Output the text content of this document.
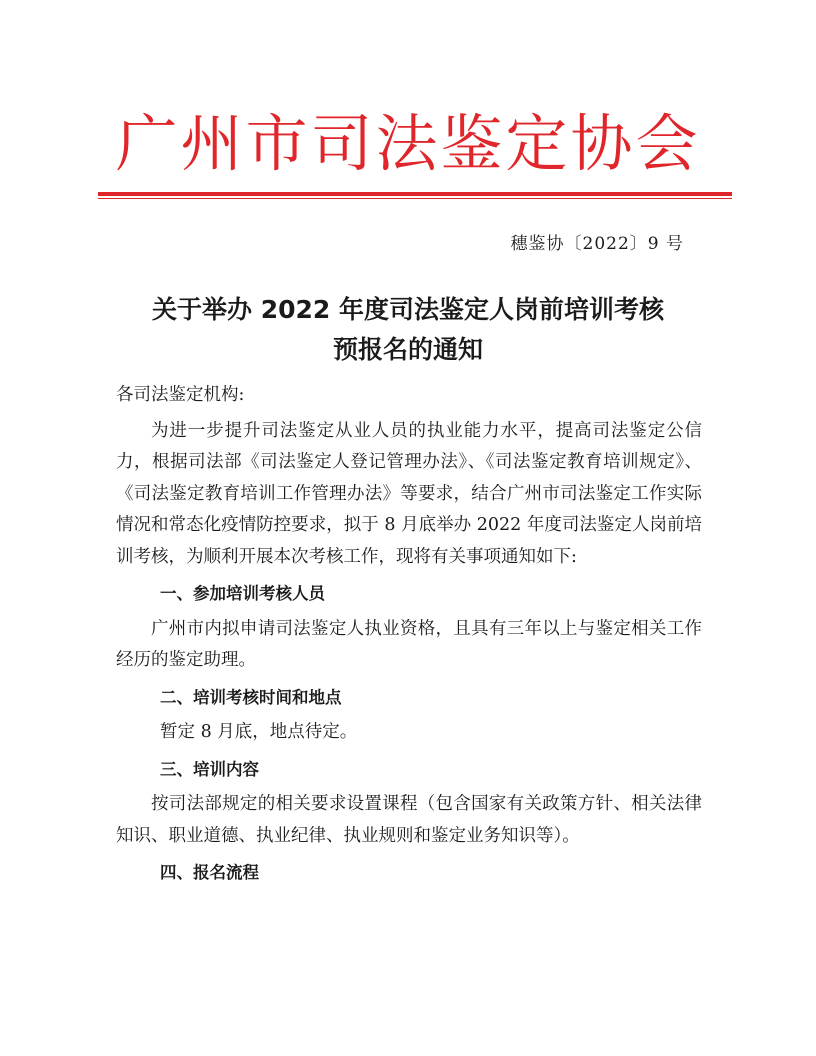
广州市司法鉴定协会
穗鉴协〔2022〕9 号
关于举办 2022 年度司法鉴定人岗前培训考核
预报名的通知

各司法鉴定机构:

为进一步提升司法鉴定从业人员的执业能力水平，提高司法鉴定公信力，根据司法部《司法鉴定人登记管理办法》、《司法鉴定教育培训规定》、《司法鉴定教育培训工作管理办法》等要求，结合广州市司法鉴定工作实际情况和常态化疫情防控要求，拟于 8 月底举办 2022 年度司法鉴定人岗前培训考核，为顺利开展本次考核工作，现将有关事项通知如下:

一、参加培训考核人员

广州市内拟申请司法鉴定人执业资格，且具有三年以上与鉴定相关工作经历的鉴定助理。

二、培训考核时间和地点

暂定 8 月底，地点待定。

三、培训内容

按司法部规定的相关要求设置课程（包含国家有关政策方针、相关法律知识、职业道德、执业纪律、执业规则和鉴定业务知识等）。

四、报名流程
